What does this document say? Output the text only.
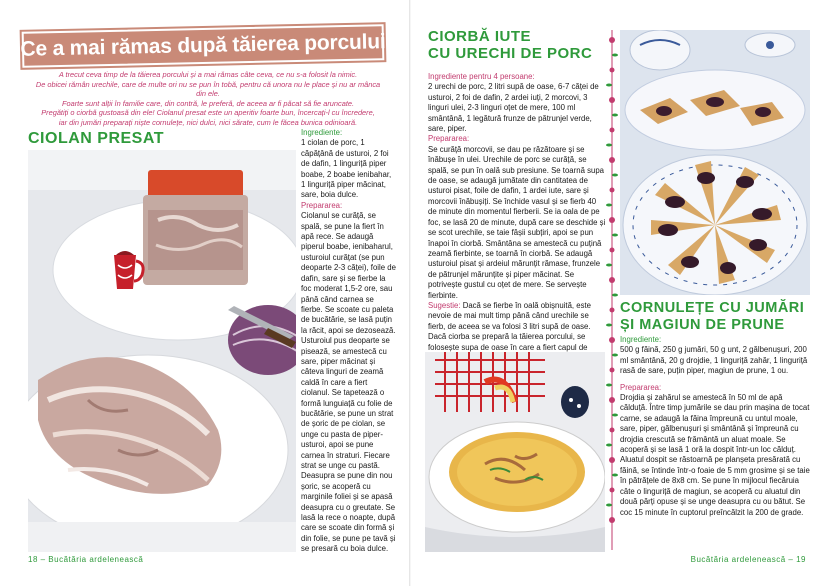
Ce a mai rămas după tăierea porcului

A trecut ceva timp de la tăierea porcului și a mai rămas câte ceva, ce nu s-a folosit la nimic.

De obicei rămân urechile, care de multe ori nu se pun în tobă, pentru că unora nu le place și nu ar mânca din ele.

Foarte sunt alții în familie care, din contră, le preferă, de aceea ar fi păcat să fie aruncate.

Pregătiți o ciorbă gustoasă din ele! Ciolanul presat este un aperitiv foarte bun, încercați-l cu încredere,

iar din jumări preparați niște cornulețe, nici dulci, nici sărate, cum le făcea bunica odinioară.

CIOLAN PRESAT	Ingrediente:

1 ciolan de porc, 1 căpățână de usturoi, 2 foi de dafin, 1 linguriță piper boabe, 2 boabe ienibahar, 1 linguriță piper măcinat, sare, boia dulce.

Prepararea:

Ciolanul se curăță, se spală, se pune la fiert în apă rece. Se adaugă piperul boabe, ienibaharul, usturoiul curățat (se pun deoparte 2-3 căței), foile de dafin, sare și se fierbe la foc moderat 1,5-2 ore, sau până când carnea se fierbe. Se scoate cu paleta de bucătărie, se lasă puțin la răcit, apoi se dezosează. Usturoiul pus deoparte se pisează, se amestecă cu sare, piper măcinat și câteva linguri de zeamă caldă în care a fiert ciolanul. Se tapetează o formă lunguiață cu folie de bucătărie, se pune un strat de șoric de pe ciolan, se unge cu pasta de piper-usturoi, apoi se pune carnea în straturi. Fiecare strat se unge cu pastă. Deasupra se pune din nou șoric, se acoperă cu marginile foliei și se apasă deasupra cu o greutate. Se lasă la rece o noapte, după care se scoate din formă și din folie, se pune pe tavă și se presară cu boia dulce.

18 – Bucătăria ardelenească
CIORBĂ IUTE
CU URECHI DE PORC

Ingrediente pentru 4 persoane:

2 urechi de porc, 2 litri supă de oase, 6-7 căței de usturoi, 2 foi de dafin, 2 ardei iuți, 2 morcovi, 3 linguri ulei, 2-3 linguri oțet de mere, 100 ml smântână, 1 legătură frunze de pătrunjel verde, sare, piper.

Prepararea:

Se curăță morcovii, se dau pe răzătoare și se înăbușe în ulei. Urechile de porc se curăță, se spală, se pun în oală sub presiune. Se toarnă supa de oase, se adaugă jumătate din cantitatea de usturoi pisat, foile de dafin, 1 ardei iute, sare și morcovii înăbușiți. Se închide vasul și se fierb 40 de minute din momentul fierberii. Se ia oala de pe foc, se lasă 20 de minute, după care se deschide și se scot urechile, se taie fâșii subțiri, apoi se pun înapoi în ciorbă. Smântâna se amestecă cu puțină zeamă fierbinte, se toarnă în ciorbă. Se adaugă usturoiul pisat și ardeiul mărunțit rămase, frunzele de pătrunjel mărunțite și piper măcinat. Se potrivește gustul cu oțet de mere. Se servește fierbinte.

Sugestie: Dacă se fierbe în oală obișnuită, este nevoie de mai mult timp până când urechile se fierb, de aceea se va folosi 3 litri supă de oase. Dacă ciorba se prepară la tăierea porcului, se folosește supa de oase în care a fiert capul de

CORNULEȚE CU JUMĂRI
ȘI MAGIUN DE PRUNE

Ingrediente:

500 g făină, 250 g jumări, 50 g unt, 2 gălbenușuri, 200 ml smântână, 20 g drojdie, 1 linguriță zahăr, 1 linguriță rasă de sare, puțin piper, magiun de prune, 1 ou.

Prepararea:

Drojdia și zahărul se amestecă în 50 ml de apă călduță. Între timp jumările se dau prin mașina de tocat carne, se adaugă la făina împreună cu untul moale, sare, piper, gălbenușuri și smântână și împreună cu drojdia crescută se frământă un aluat moale. Se acoperă și se lasă 1 oră la dospit într-un loc călduț. Aluatul dospit se răstoarnă pe planșeta presărată cu făină, se întinde într-o foaie de 5 mm grosime și se taie în pătrățele de 8x8 cm. Se pune în mijlocul fiecăruia câte o linguriță de magiun, se acoperă cu aluatul din două părți opuse și se unge deasupra cu ou bătut. Se coc 15 minute în cuptorul preîncălzit la 200 de grade.

Bucătăria ardelenească – 19
